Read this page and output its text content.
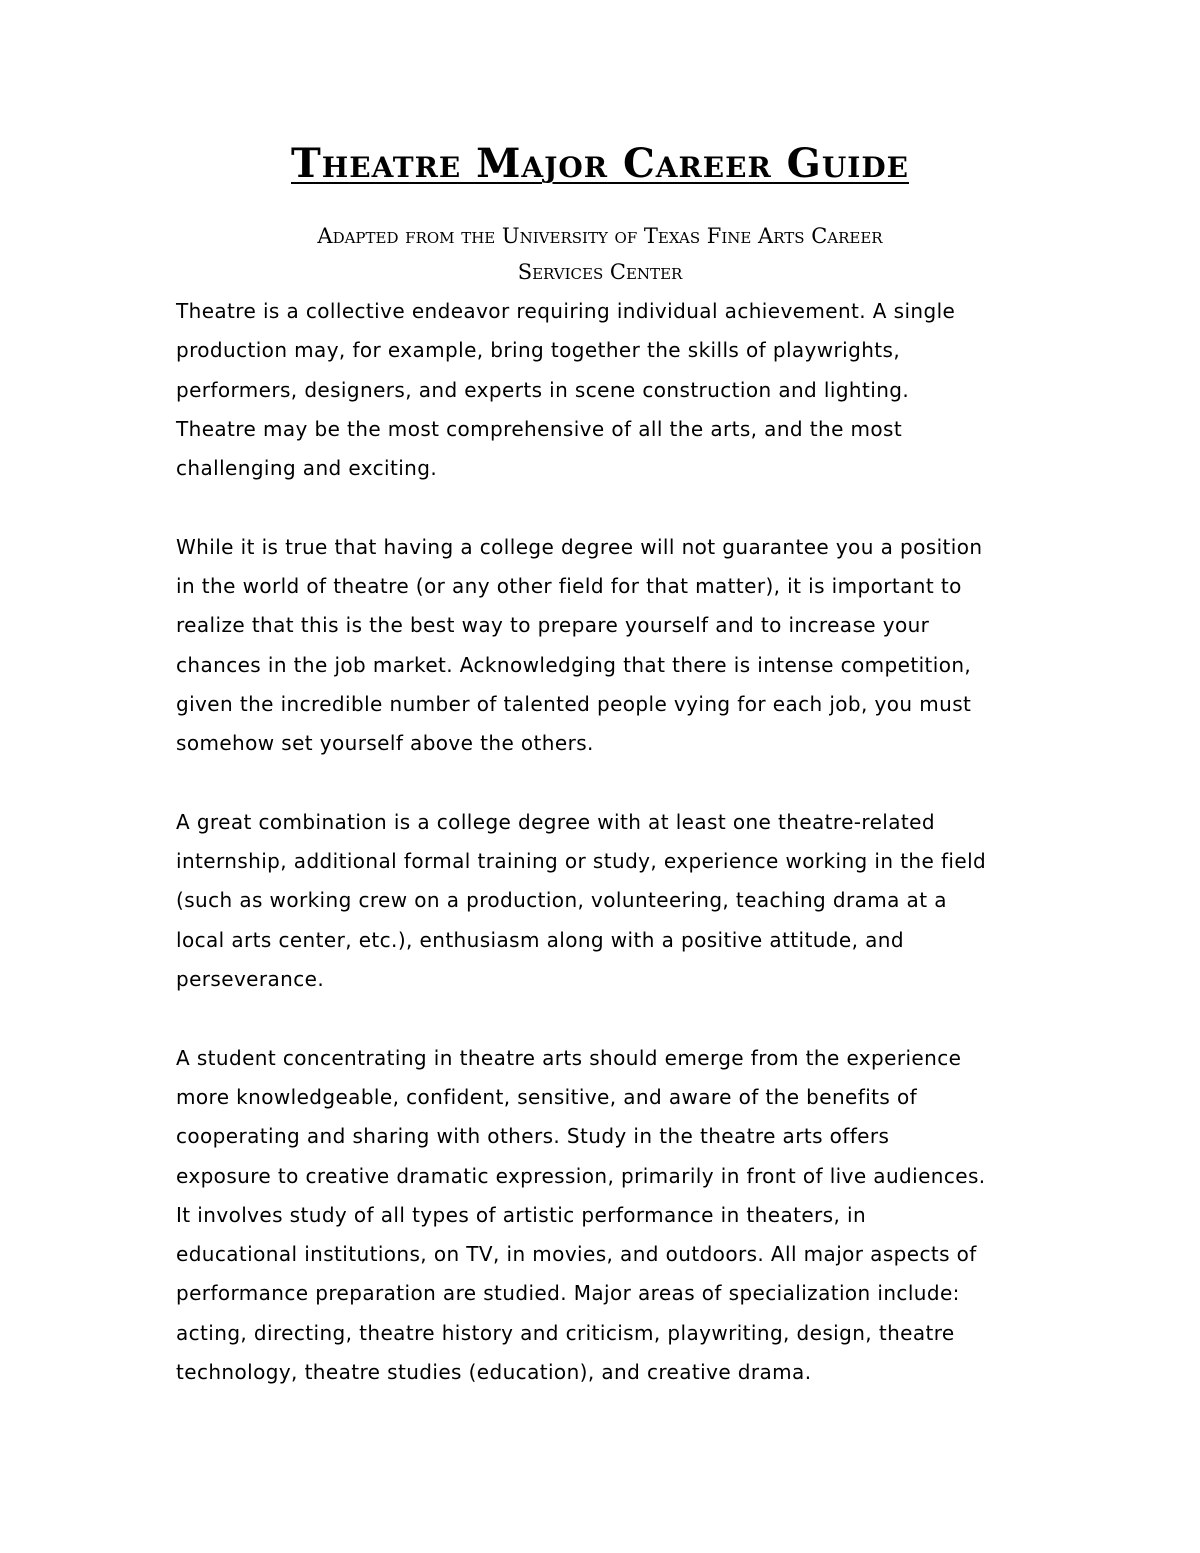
Theatre Major Career Guide

Adapted from the University of Texas Fine Arts Career
Services Center

Theatre is a collective endeavor requiring individual achievement. A single
production may, for example, bring together the skills of playwrights,
performers, designers, and experts in scene construction and lighting.
Theatre may be the most comprehensive of all the arts, and the most
challenging and exciting.

While it is true that having a college degree will not guarantee you a position
in the world of theatre (or any other field for that matter), it is important to
realize that this is the best way to prepare yourself and to increase your
chances in the job market. Acknowledging that there is intense competition,
given the incredible number of talented people vying for each job, you must
somehow set yourself above the others.

A great combination is a college degree with at least one theatre-related
internship, additional formal training or study, experience working in the field
(such as working crew on a production, volunteering, teaching drama at a
local arts center, etc.), enthusiasm along with a positive attitude, and
perseverance.

A student concentrating in theatre arts should emerge from the experience
more knowledgeable, confident, sensitive, and aware of the benefits of
cooperating and sharing with others. Study in the theatre arts offers
exposure to creative dramatic expression, primarily in front of live audiences.
It involves study of all types of artistic performance in theaters, in
educational institutions, on TV, in movies, and outdoors. All major aspects of
performance preparation are studied. Major areas of specialization include:
acting, directing, theatre history and criticism, playwriting, design, theatre
technology, theatre studies (education), and creative drama.
